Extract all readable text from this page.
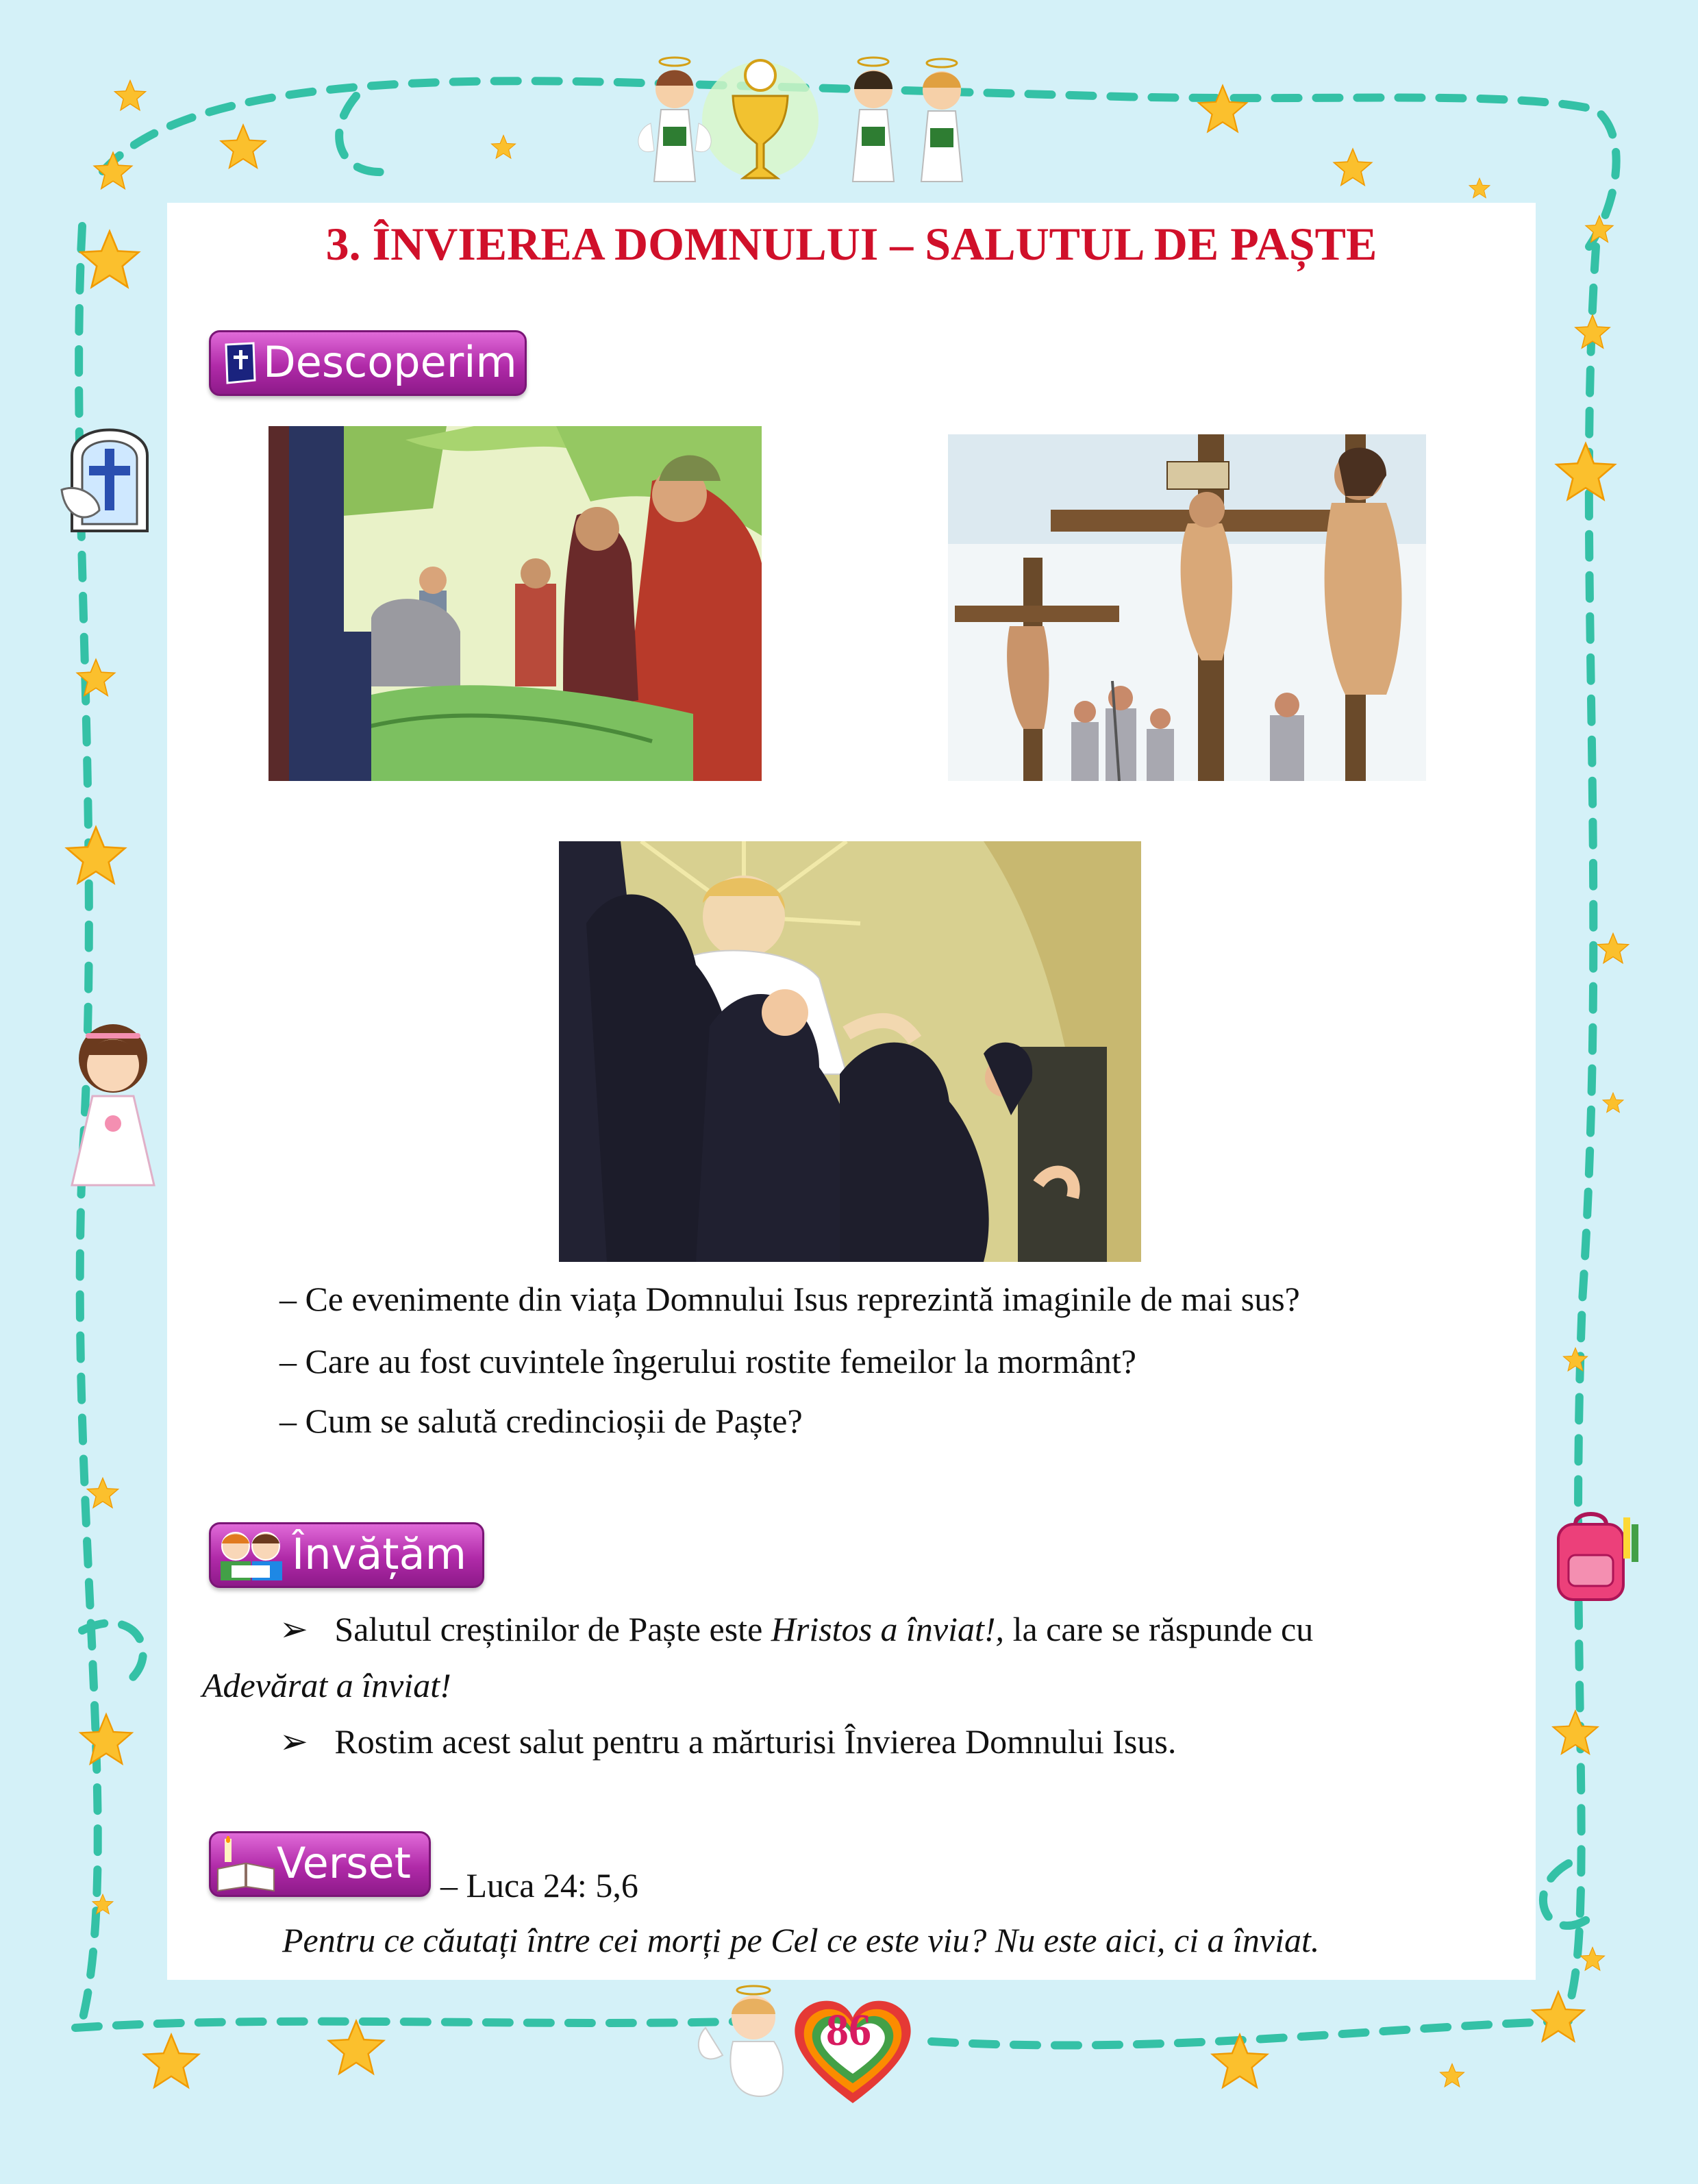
3. ÎNVIEREA DOMNULUI – SALUTUL DE PAȘTE
Descoperim
– Ce evenimente din viața Domnului Isus reprezintă imaginile de mai sus?
– Care au fost cuvintele îngerului rostite femeilor la mormânt?
– Cum se salută credincioșii de Paște?
Învățăm
➢ Salutul creștinilor de Paște este Hristos a înviat!, la care se răspunde cu
Adevărat a înviat!
➢ Rostim acest salut pentru a mărturisi Învierea Domnului Isus.
Verset – Luca 24: 5,6
Pentru ce căutați între cei morți pe Cel ce este viu? Nu este aici, ci a înviat.
86
